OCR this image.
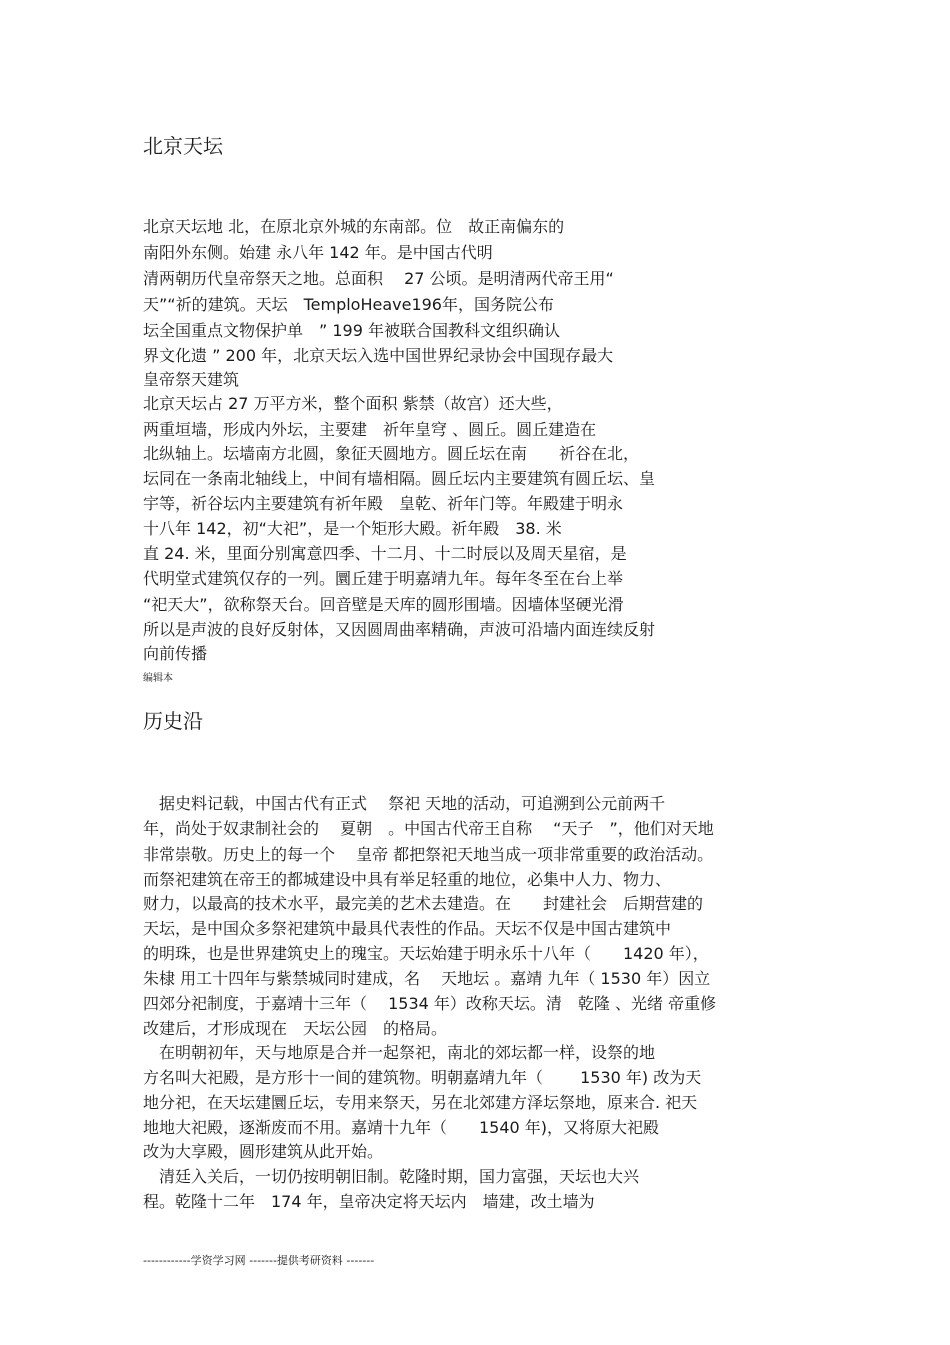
北京天坛
北京天坛地 北，在原北京外城的东南部。位　故正南偏东的
南阳外东侧。始建 永八年 142 年。是中国古代明
清两朝历代皇帝祭天之地。总面积　 27 公顷。是明清两代帝王用“
天”“祈的建筑。天坛　TemploHeave196年，国务院公布
坛全国重点文物保护单　” 199 年被联合国教科文组织确认
界文化遗 ” 200 年，北京天坛入选中国世界纪录协会中国现存最大
皇帝祭天建筑
北京天坛占 27 万平方米，整个面积 紫禁（故宫）还大些，
两重垣墙，形成内外坛，主要建　祈年皇穹 、圆丘。圆丘建造在
北纵轴上。坛墙南方北圆，象征天圆地方。圆丘坛在南　　祈谷在北，
坛同在一条南北轴线上，中间有墙相隔。圆丘坛内主要建筑有圆丘坛、皇
宇等，祈谷坛内主要建筑有祈年殿　皇乾、祈年门等。年殿建于明永
十八年 142，初“大祀”，是一个矩形大殿。祈年殿　38. 米
直 24. 米，里面分别寓意四季、十二月、十二时辰以及周天星宿，是
代明堂式建筑仅存的一列。圜丘建于明嘉靖九年。每年冬至在台上举
“祀天大”，欲称祭天台。回音壁是天库的圆形围墙。因墙体坚硬光滑
所以是声波的良好反射体，又因圆周曲率精确，声波可沿墙内面连续反射
向前传播
编辑本
历史沿
　据史料记载，中国古代有正式　 祭祀 天地的活动，可追溯到公元前两千
年，尚处于奴隶制社会的　 夏朝　。中国古代帝王自称　 “天子　”，他们对天地
非常崇敬。历史上的每一个　 皇帝 都把祭祀天地当成一项非常重要的政治活动。
而祭祀建筑在帝王的都城建设中具有举足轻重的地位，必集中人力、物力、
财力，以最高的技术水平，最完美的艺术去建造。在　　封建社会　后期营建的
天坛，是中国众多祭祀建筑中最具代表性的作品。天坛不仅是中国古建筑中
的明珠，也是世界建筑史上的瑰宝。天坛始建于明永乐十八年（　　1420 年），
朱棣 用工十四年与紫禁城同时建成，名　 天地坛 。嘉靖 九年（ 1530 年）因立
四郊分祀制度，于嘉靖十三年（　 1534 年）改称天坛。清　乾隆 、光绪 帝重修
改建后，才形成现在　天坛公园　的格局。
　在明朝初年，天与地原是合并一起祭祀，南北的郊坛都一样，设祭的地
方名叫大祀殿，是方形十一间的建筑物。明朝嘉靖九年（　　 1530 年) 改为天
地分祀，在天坛建圜丘坛，专用来祭天，另在北郊建方泽坛祭地，原来合. 祀天
地地大祀殿，逐渐废而不用。嘉靖十九年（　　1540 年)，又将原大祀殿
改为大享殿，圆形建筑从此开始。
　清廷入关后，一切仍按明朝旧制。乾隆时期，国力富强，天坛也大兴
程。乾隆十二年　174 年，皇帝决定将天坛内　墙建，改土墙为
------------学资学习网 -------提供考研资料 -------
